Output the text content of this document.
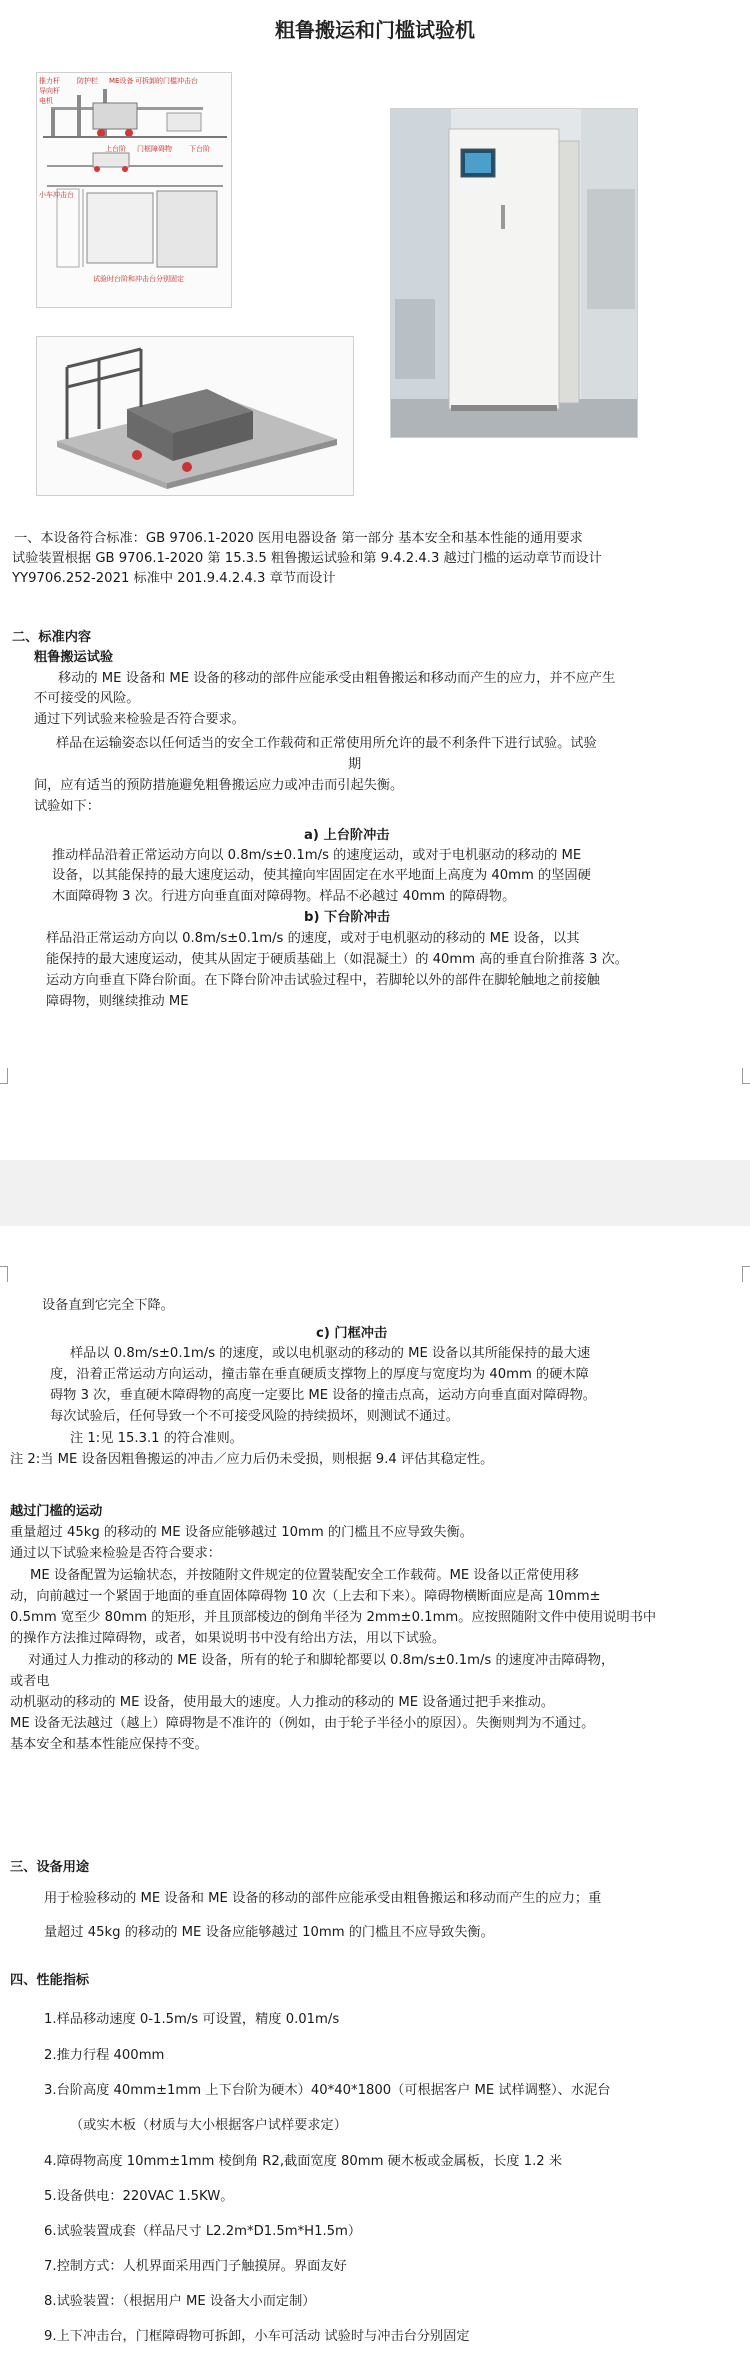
粗鲁搬运和门槛试验机
推力杆 防护栏 ME设备 可拆卸的门槛冲击台
导向杆
电机
上台阶 门框障碍物 下台阶
小车冲击台
试验时台阶和冲击台分别固定
一、本设备符合标准：GB 9706.1-2020 医用电器设备 第一部分 基本安全和基本性能的通用要求
试验装置根据 GB 9706.1-2020 第 15.3.5 粗鲁搬运试验和第 9.4.2.4.3 越过门槛的运动章节而设计
YY9706.252-2021 标准中 201.9.4.2.4.3 章节而设计
二、标准内容
粗鲁搬运试验
移动的 ME 设备和 ME 设备的移动的部件应能承受由粗鲁搬运和移动而产生的应力，并不应产生
不可接受的风险。
通过下列试验来检验是否符合要求。
样品在运输姿态以任何适当的安全工作载荷和正常使用所允许的最不利条件下进行试验。试验
期
间，应有适当的预防措施避免粗鲁搬运应力或冲击而引起失衡。
试验如下：
a) 上台阶冲击
推动样品沿着正常运动方向以 0.8m/s±0.1m/s 的速度运动，或对于电机驱动的移动的 ME
设备，以其能保持的最大速度运动，使其撞向牢固固定在水平地面上高度为 40mm 的坚固硬
木面障碍物 3 次。行进方向垂直面对障碍物。样品不必越过 40mm 的障碍物。
b) 下台阶冲击
样品沿正常运动方向以 0.8m/s±0.1m/s 的速度，或对于电机驱动的移动的 ME 设备，以其
能保持的最大速度运动，使其从固定于硬质基础上（如混凝土）的 40mm 高的垂直台阶推落 3 次。
运动方向垂直下降台阶面。在下降台阶冲击试验过程中，若脚轮以外的部件在脚轮触地之前接触
障碍物，则继续推动 ME
设备直到它完全下降。
c) 门框冲击
样品以 0.8m/s±0.1m/s 的速度，或以电机驱动的移动的 ME 设备以其所能保持的最大速
度，沿着正常运动方向运动，撞击靠在垂直硬质支撑物上的厚度与宽度均为 40mm 的硬木障
碍物 3 次，垂直硬木障碍物的高度一定要比 ME 设备的撞击点高，运动方向垂直面对障碍物。
每次试验后，任何导致一个不可接受风险的持续损坏，则测试不通过。
注 1:见 15.3.1 的符合准则。
注 2:当 ME 设备因粗鲁搬运的冲击／应力后仍未受损，则根据 9.4 评估其稳定性。
越过门槛的运动
重量超过 45kg 的移动的 ME 设备应能够越过 10mm 的门槛且不应导致失衡。
通过以下试验来检验是否符合要求：
ME 设备配置为运输状态，并按随附文件规定的位置装配安全工作载荷。ME 设备以正常使用移
动，向前越过一个紧固于地面的垂直固体障碍物 10 次（上去和下来）。障碍物横断面应是高 10mm±
0.5mm 宽至少 80mm 的矩形，并且顶部棱边的倒角半径为 2mm±0.1mm。应按照随附文件中使用说明书中
的操作方法推过障碍物，或者，如果说明书中没有给出方法，用以下试验。
对通过人力推动的移动的 ME 设备，所有的轮子和脚轮都要以 0.8m/s±0.1m/s 的速度冲击障碍物，
或者电
动机驱动的移动的 ME 设备，使用最大的速度。人力推动的移动的 ME 设备通过把手来推动。
ME 设备无法越过（越上）障碍物是不准许的（例如，由于轮子半径小的原因）。失衡则判为不通过。
基本安全和基本性能应保持不变。
三、设备用途
用于检验移动的 ME 设备和 ME 设备的移动的部件应能承受由粗鲁搬运和移动而产生的应力；重
量超过 45kg 的移动的 ME 设备应能够越过 10mm 的门槛且不应导致失衡。
四、性能指标
1.样品移动速度 0-1.5m/s 可设置，精度 0.01m/s
2.推力行程 400mm
3.台阶高度 40mm±1mm 上下台阶为硬木）40*40*1800（可根据客户 ME 试样调整）、水泥台
（或实木板（材质与大小根据客户试样要求定）
4.障碍物高度 10mm±1mm 棱倒角 R2,截面宽度 80mm 硬木板或金属板，长度 1.2 米
5.设备供电：220VAC 1.5KW。
6.试验装置成套（样品尺寸 L2.2m*D1.5m*H1.5m）
7.控制方式：人机界面采用西门子触摸屏。界面友好
8.试验装置：（根据用户 ME 设备大小而定制）
9.上下冲击台，门框障碍物可拆卸，小车可活动 试验时与冲击台分别固定
